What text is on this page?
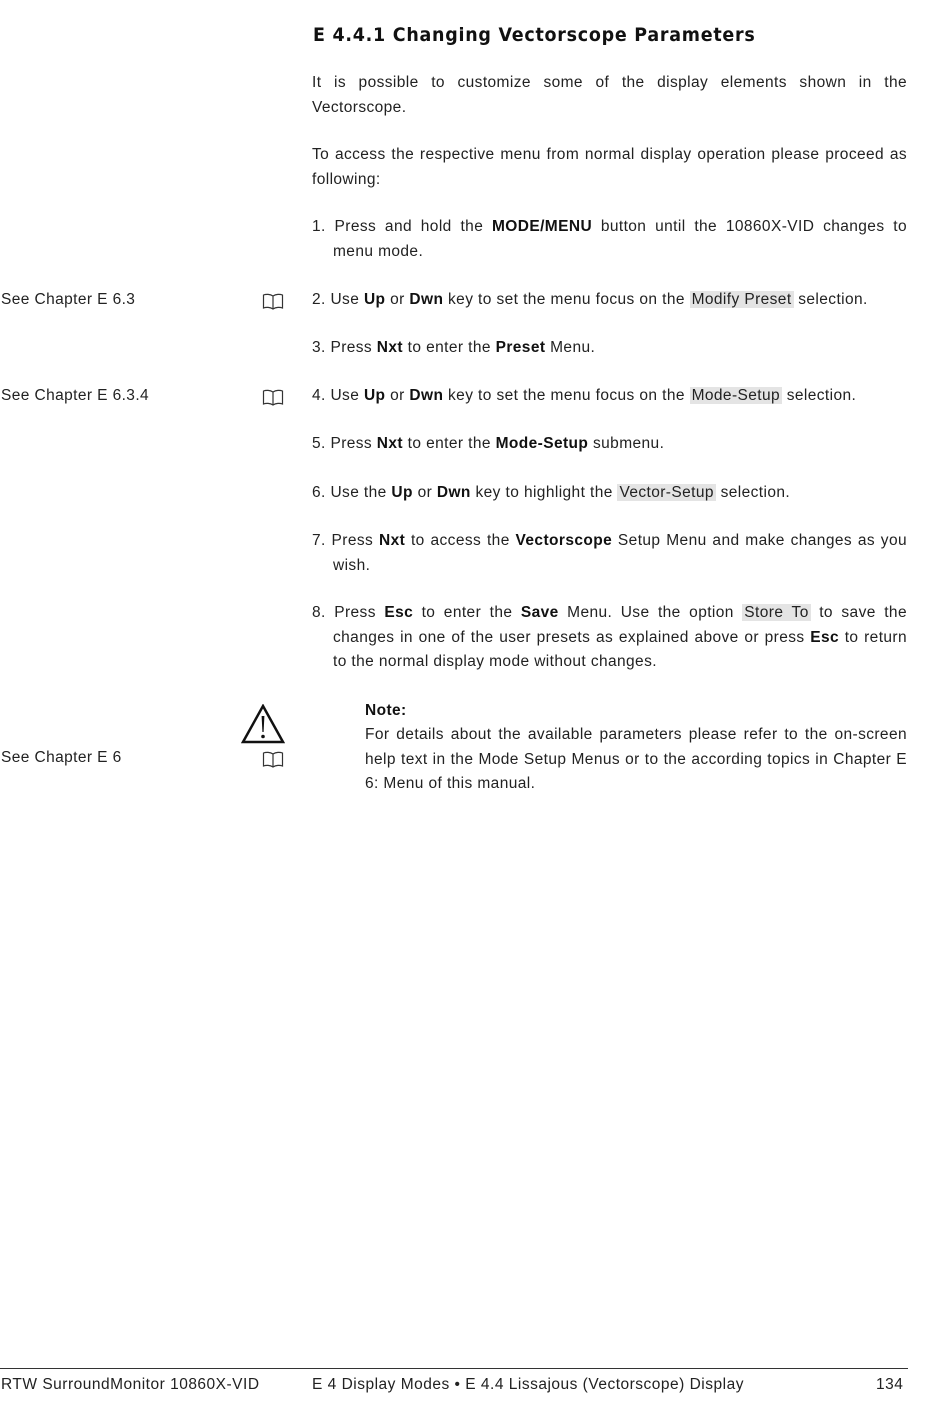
E 4.4.1 Changing Vectorscope Parameters
It is possible to customize some of the display elements shown in the Vectorscope.
To access the respective menu from normal display operation please proceed as following:
1. Press and hold the MODE/MENU button until the 10860X-VID changes to menu mode.
See Chapter E 6.3	2. Use Up or Dwn key to set the menu focus on the Modify Preset selection.
3. Press Nxt to enter the Preset Menu.
See Chapter E 6.3.4	4. Use Up or Dwn key to set the menu focus on the Mode-Setup selection.
5. Press Nxt to enter the Mode-Setup submenu.
6. Use the Up or Dwn key to highlight the Vector-Setup selection.
7. Press Nxt to access the Vectorscope Setup Menu and make changes as you wish.
8. Press Esc to enter the Save Menu. Use the option Store To to save the changes in one of the user presets as explained above or press Esc to return to the normal display mode without changes.
Note:
For details about the available parameters please refer to the on-screen help text in the Mode Setup Menus or to the according topics in Chapter E 6: Menu of this manual.
See Chapter E 6
RTW SurroundMonitor 10860X-VID	E 4 Display Modes • E 4.4 Lissajous (Vectorscope) Display	134
